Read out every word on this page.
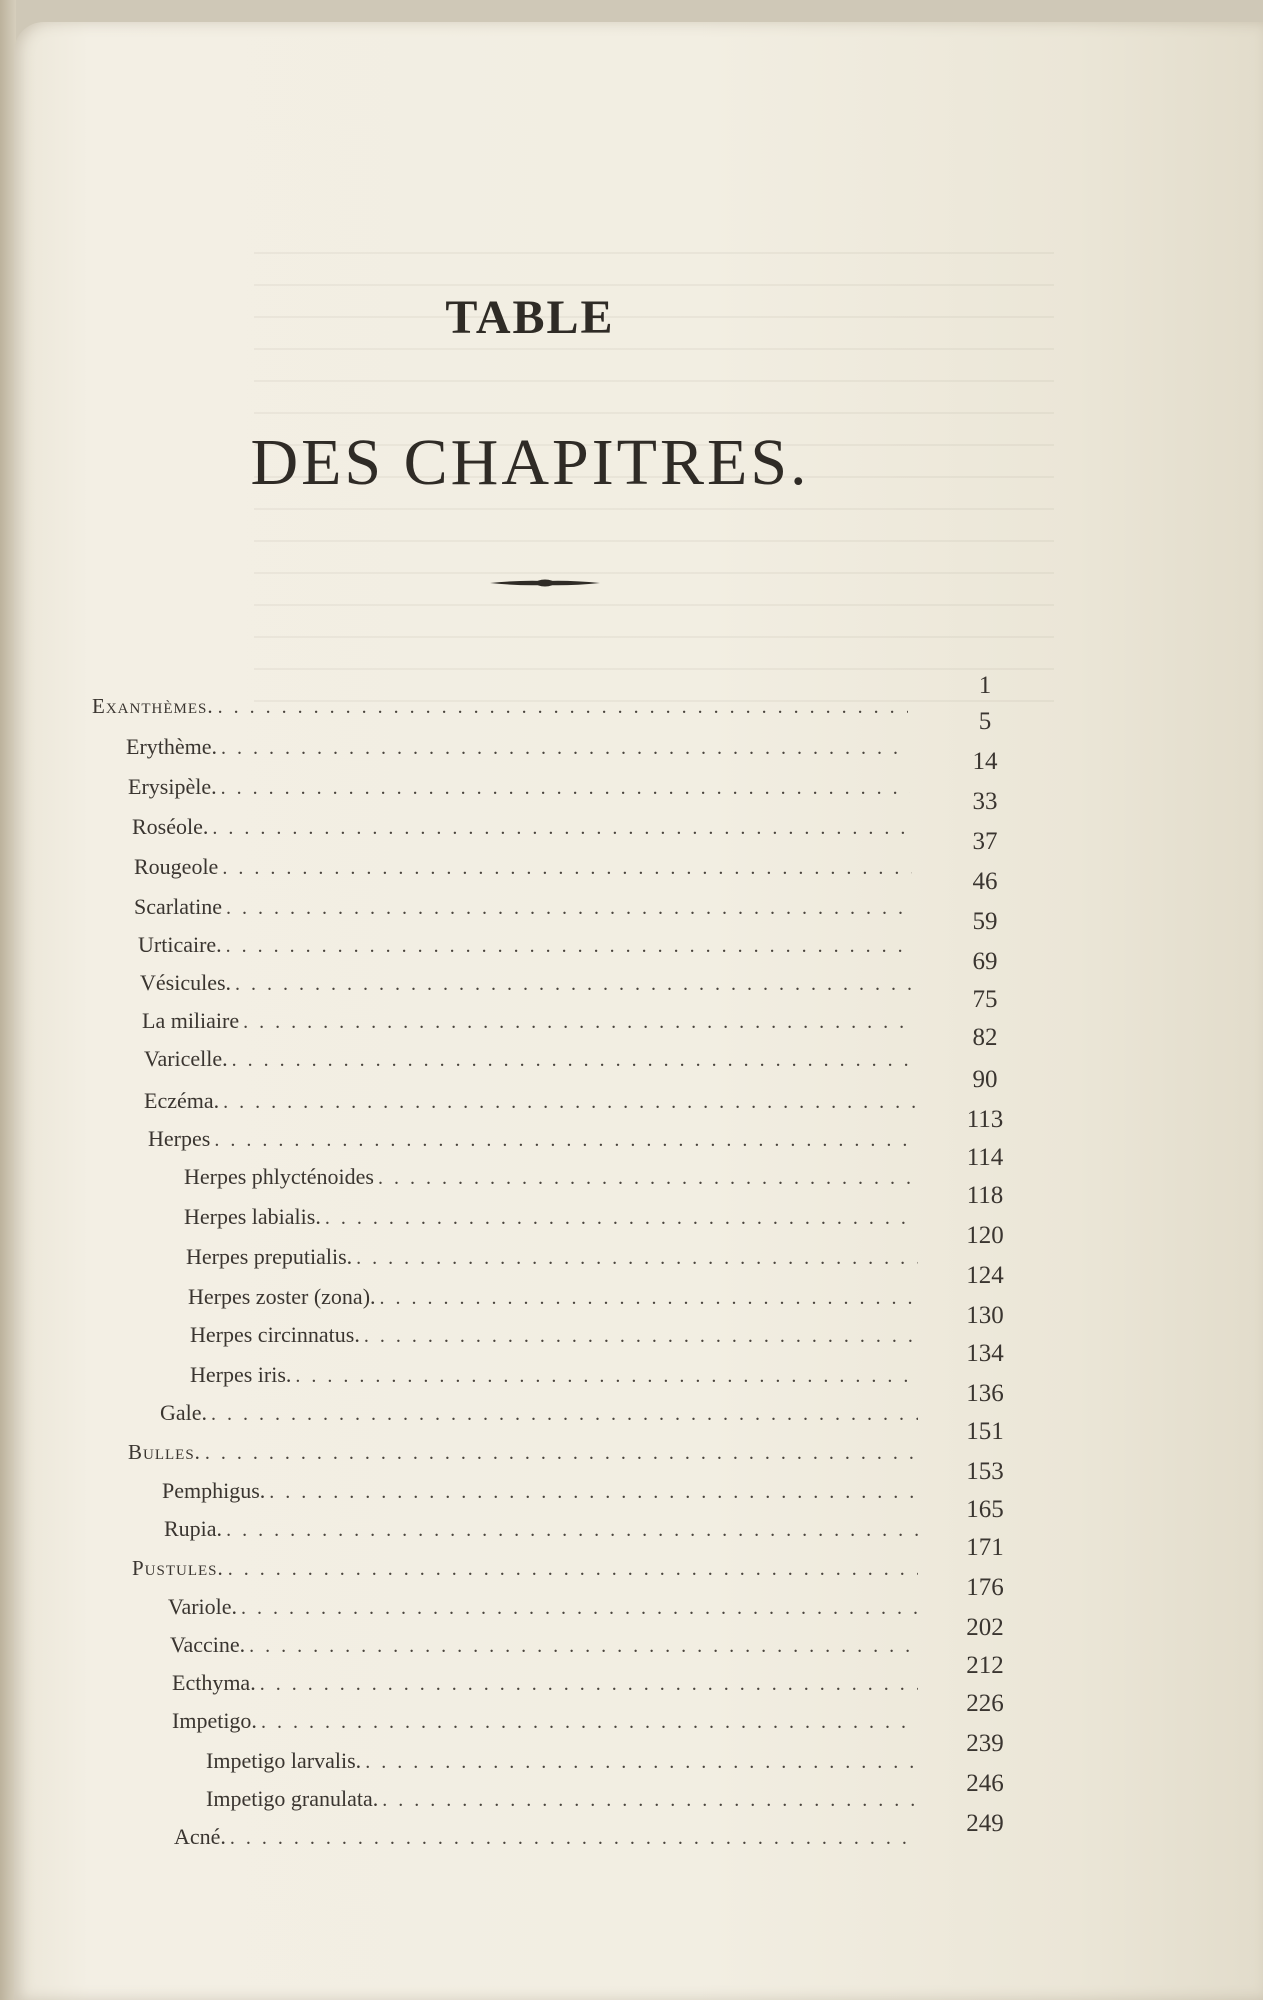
TABLE
DES CHAPITRES.
1
5
14
33
37
46
59
69
75
82
90
113
114
118
120
124
130
134
136
151
153
165
171
176
202
212
226
239
246
249
Exanthèmes.
. . .
Erythème.
. . .
Erysipèle.
. . .
Roséole.
. . .
Rougeole
. . .
Scarlatine
. . .
Urticaire.
. . .
Vésicules.
. . .
La miliaire
. . .
Varicelle.
. . .
Eczéma.
. . .
Herpes
. . .
Herpes phlycténoides
. . .
Herpes labialis.
. . .
Herpes preputialis.
. . .
Herpes zoster (zona).
. . .
Herpes circinnatus.
. . .
Herpes iris.
. . .
Gale.
. . .
Bulles.
. . .
Pemphigus.
. . .
Rupia.
. . .
Pustules.
. . .
Variole.
. . .
Vaccine.
. . .
Ecthyma.
. . .
Impetigo.
. . .
Impetigo larvalis.
. . .
Impetigo granulata.
. . .
Acné.
. . .
